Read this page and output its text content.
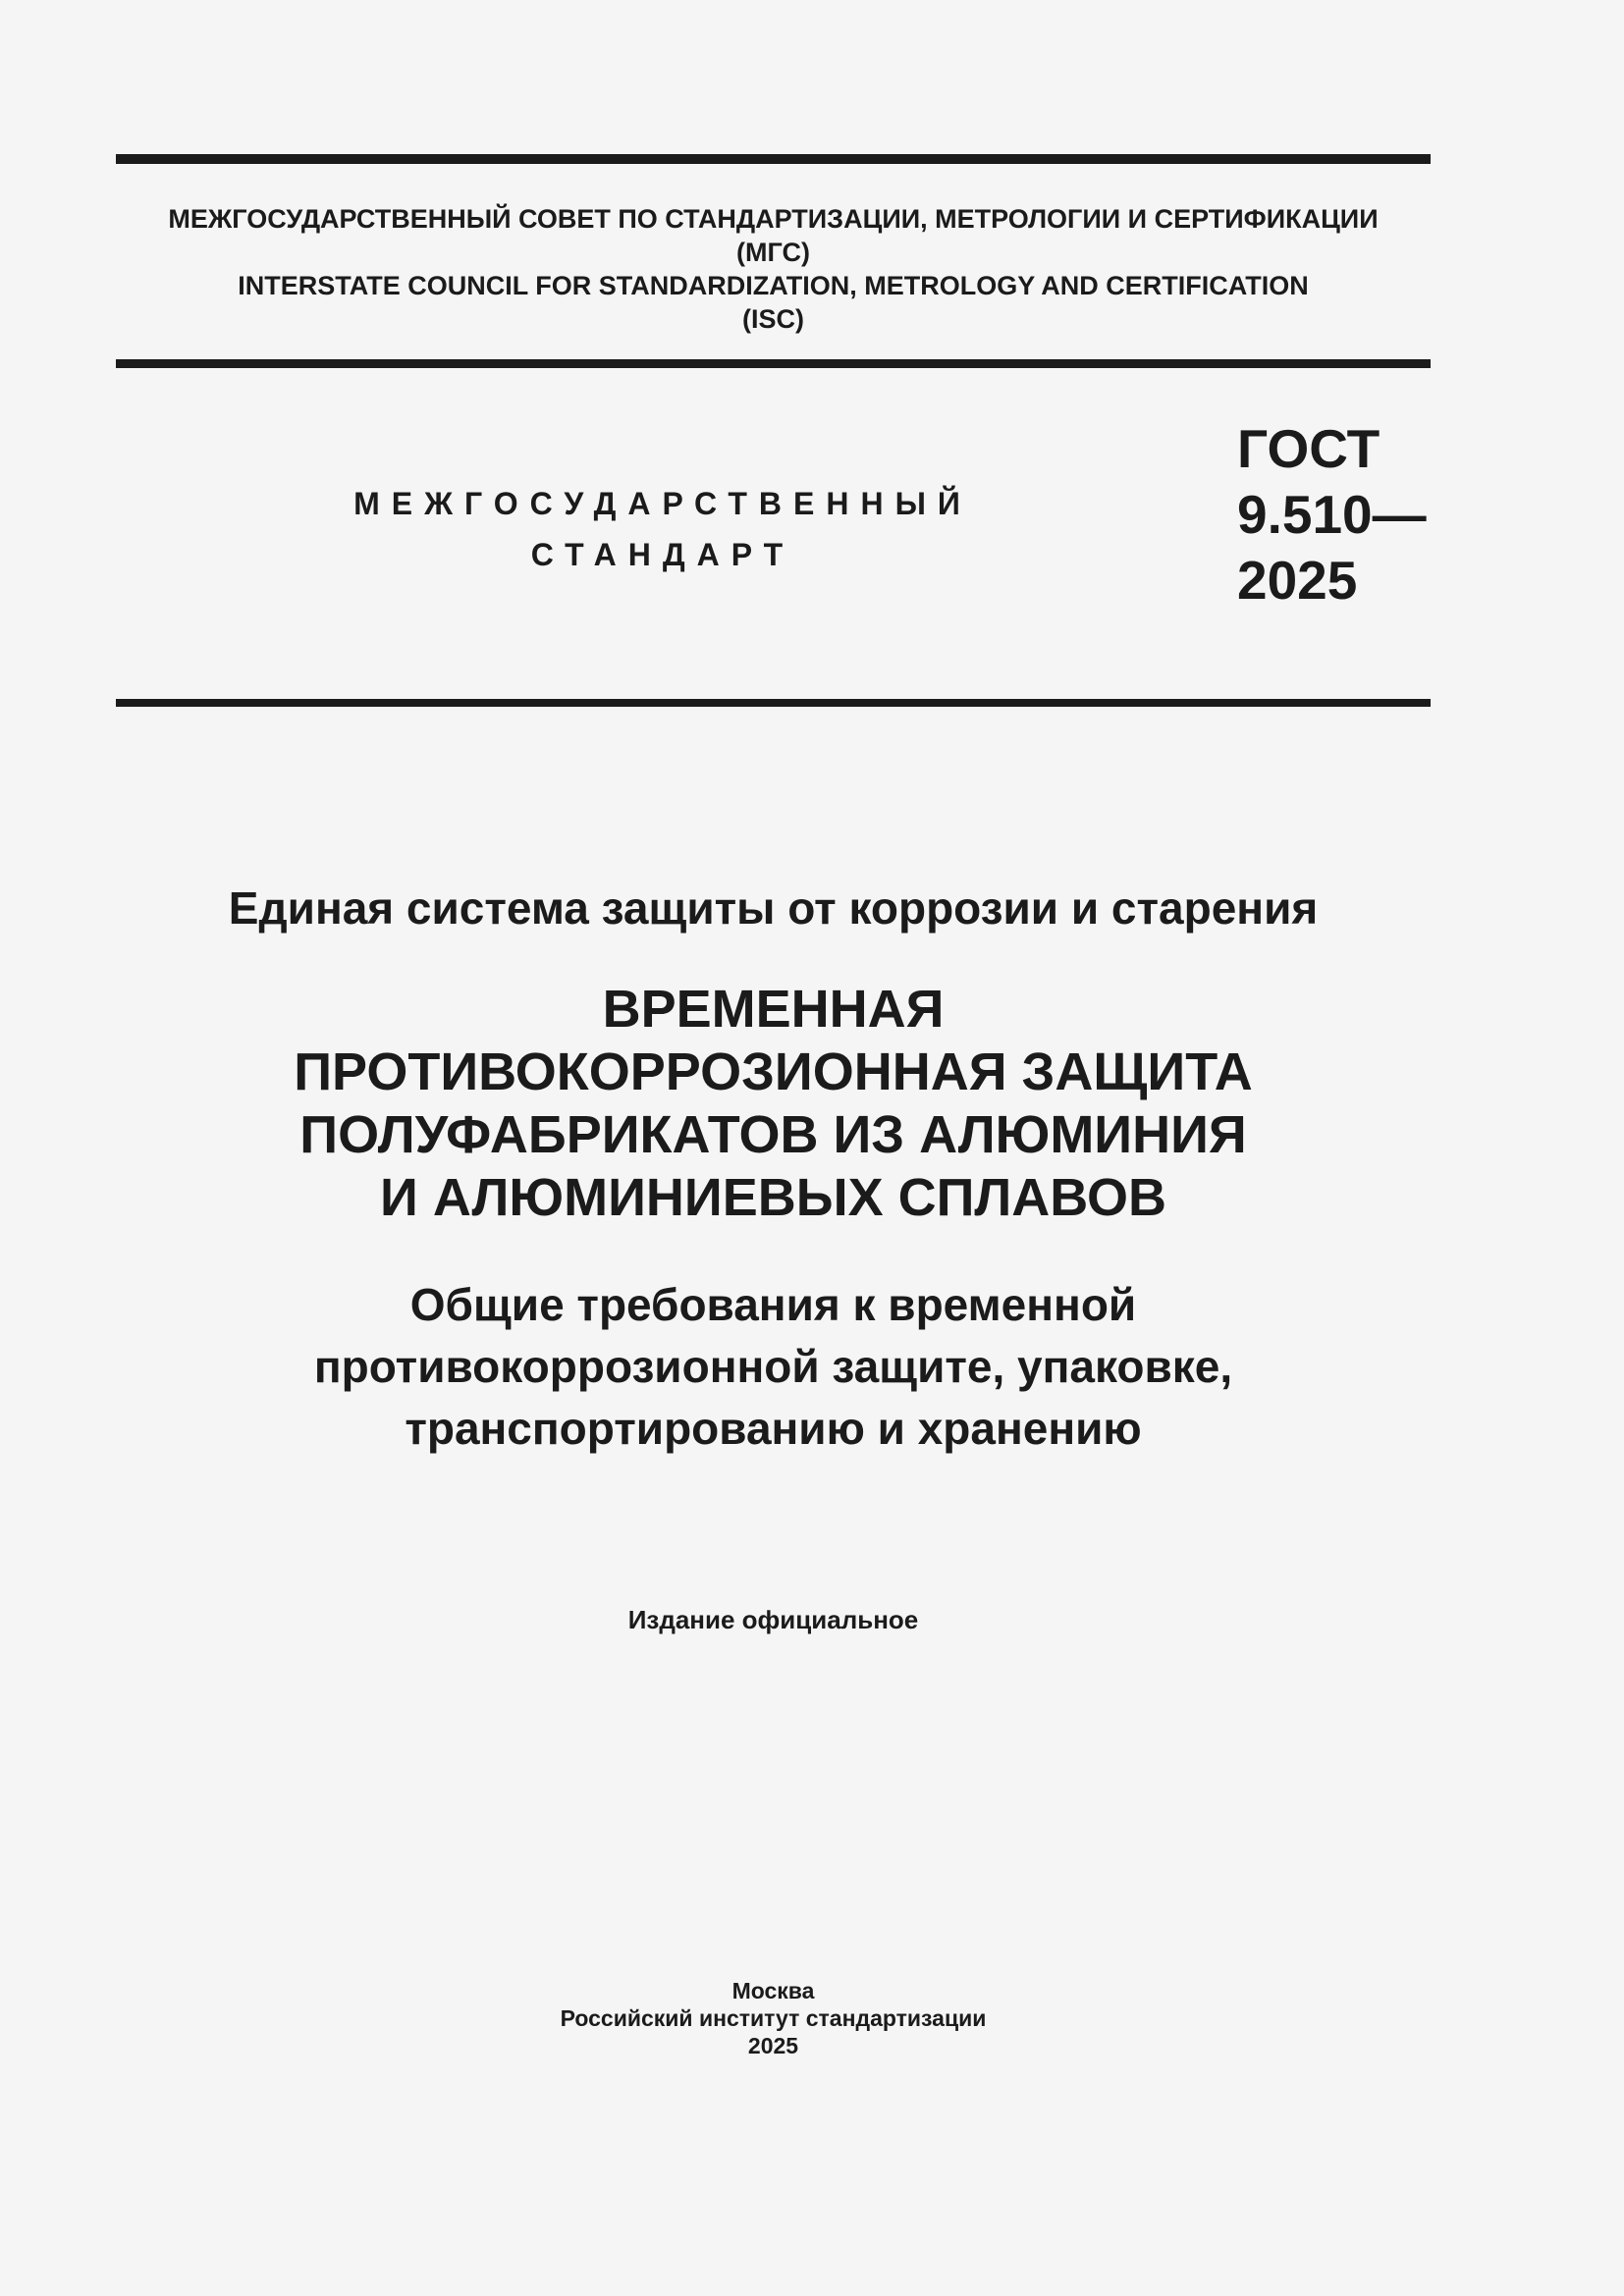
МЕЖГОСУДАРСТВЕННЫЙ СОВЕТ ПО СТАНДАРТИЗАЦИИ, МЕТРОЛОГИИ И СЕРТИФИКАЦИИ
(МГС)
INTERSTATE COUNCIL FOR STANDARDIZATION, METROLOGY AND CERTIFICATION
(ISC)
МЕЖГОСУДАРСТВЕННЫЙ
СТАНДАРТ
ГОСТ
9.510—
2025
Единая система защиты от коррозии и старения
ВРЕМЕННАЯ
ПРОТИВОКОРРОЗИОННАЯ ЗАЩИТА
ПОЛУФАБРИКАТОВ ИЗ АЛЮМИНИЯ
И АЛЮМИНИЕВЫХ СПЛАВОВ
Общие требования к временной
противокоррозионной защите, упаковке,
транспортированию и хранению
Издание официальное
Москва
Российский институт стандартизации
2025
